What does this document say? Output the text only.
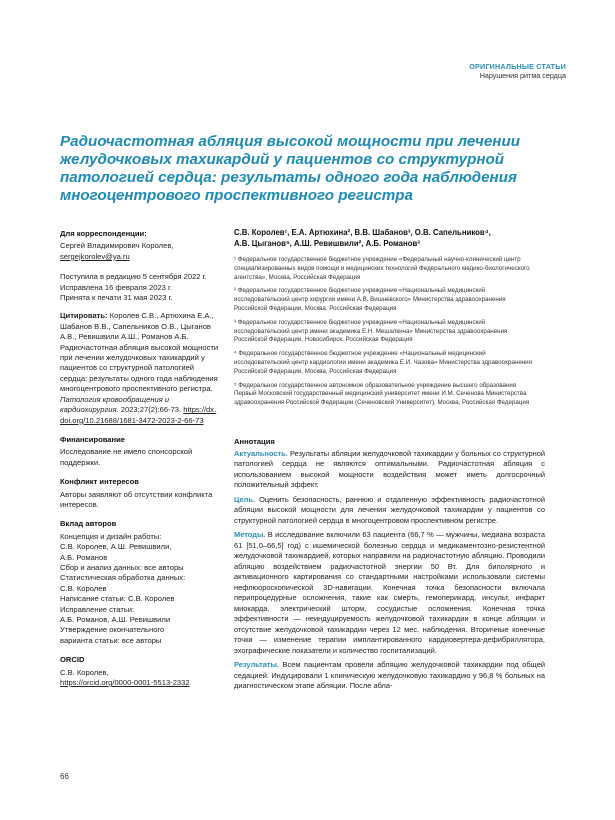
ОРИГИНАЛЬНЫЕ СТАТЬИ
Нарушения ритма сердца
Радиочастотная абляция высокой мощности при лечении желудочковых тахикардий у пациентов со структурной патологией сердца: результаты одного года наблюдения многоцентрового проспективного регистра
Для корреспонденции:

Сергей Владимирович Королев,

sergejkorolev@ya.ru

Поступила в редакцию 5 сентября 2022 г.

Исправлена 16 февраля 2023 г.

Принята к печати 31 мая 2023 г.

Цитировать: Королев С.В., Артюхина Е.А., Шабанов В.В., Сапельников О.В., Цыганов А.В., Ревишвили А.Ш., Романов А.Б. Радиочастотная абляция высокой мощности при лечении желудочковых тахикардий у пациентов со структурной патологией сердца: результаты одного года наблюдения многоцентрового проспективного регистра. Патология кровообращения и кардиохирургия. 2023;27(2):66-73. https://dx.doi.org/10.21688/1681-3472-2023-2-66-73

Финансирование

Исследование не имело спонсорской поддержки.

Конфликт интересов

Авторы заявляют об отсутствии конфликта интересов.

Вклад авторов

Концепция и дизайн работы:

С.В. Королев, А.Ш. Ревишвили,

А.Б. Романов

Сбор и анализ данных: все авторы

Статистическая обработка данных:

С.В. Королев

Написание статьи: С.В. Королев

Исправление статьи:

А.Б. Романов, А.Ш. Ревишвили

Утверждение окончательного

варианта статьи: все авторы

ORCID

С.В. Королев,

https://orcid.org/0000-0001-5513-2332

С.В. Королев¹, Е.А. Артюхина², В.В. Шабанов³, О.В. Сапельников⁴,
А.В. Цыганов⁵, А.Ш. Ревишвили², А.Б. Романов³
¹ Федеральное государственное бюджетное учреждение «Федеральный научно-клинический центр специализированных видов помощи и медицинских технологий Федерального медико-биологического агентства», Москва, Российская Федерация
² Федеральное государственное бюджетное учреждение «Национальный медицинский исследовательский центр хирургии имени А.В. Вишневского» Министерства здравоохранения Российской Федерации, Москва, Российская Федерация
³ Федеральное государственное бюджетное учреждение «Национальный медицинский исследовательский центр имени академика Е.Н. Мешалкина» Министерства здравоохранения Российской Федерации, Новосибирск, Российская Федерация
⁴ Федеральное государственное бюджетное учреждение «Национальный медицинский исследовательский центр кардиологии имени академика Е.И. Чазова» Министерства здравоохранения Российской Федерации, Москва, Российская Федерация
⁵ Федеральное государственное автономное образовательное учреждение высшего образования Первый Московский государственный медицинский университет имени И.М. Сеченова Министерства здравоохранения Российской Федерации (Сеченовский Университет), Москва, Российская Федерация
Аннотация

Актуальность. Результаты абляции желудочковой тахикардии у больных со структурной патологией сердца не являются оптимальными. Радиочастотная абляция с использованием высокой мощности воздействия может иметь долгосрочный положительный эффект.

Цель. Оценить безопасность, раннюю и отдаленную эффективность радиочастотной абляции высокой мощности для лечения желудочковой тахикардии у пациентов со структурной патологией сердца в многоцентровом проспективном регистре.

Методы. В исследование включили 63 пациента (66,7 % — мужчины, медиана возраста 61 [51,0–66,5] год) с ишемической болезнью сердца и медикаментозно-резистентной желудочковой тахикардией, которых направили на радиочастотную абляцию. Проводили абляцию воздействием радиочастотной энергии 50 Вт. Для биполярного и активационного картирования со стандартными настройками использовали системы нефлюороскопической 3D-навигации. Конечная точка безопасности включала перипроцедурные осложнения, такие как смерть, гемоперикард, инсульт, инфаркт миокарда, электрический шторм, сосудистые осложнения. Конечная точка эффективности — неиндуцируемость желудочковой тахикардии в конце абляции и отсутствие желудочковой тахикардии через 12 мес. наблюдения. Вторичные конечные точки — изменение терапии имплантированного кардиовертера-дефибриллятора, эхографические показатели и количество госпитализаций.

Результаты. Всем пациентам провели абляцию желудочковой тахикардии под общей седацией. Индуцировали 1 клиническую желудочковую тахикардию у 96,8 % больных на диагностическом этапе абляции. После абла-

66
